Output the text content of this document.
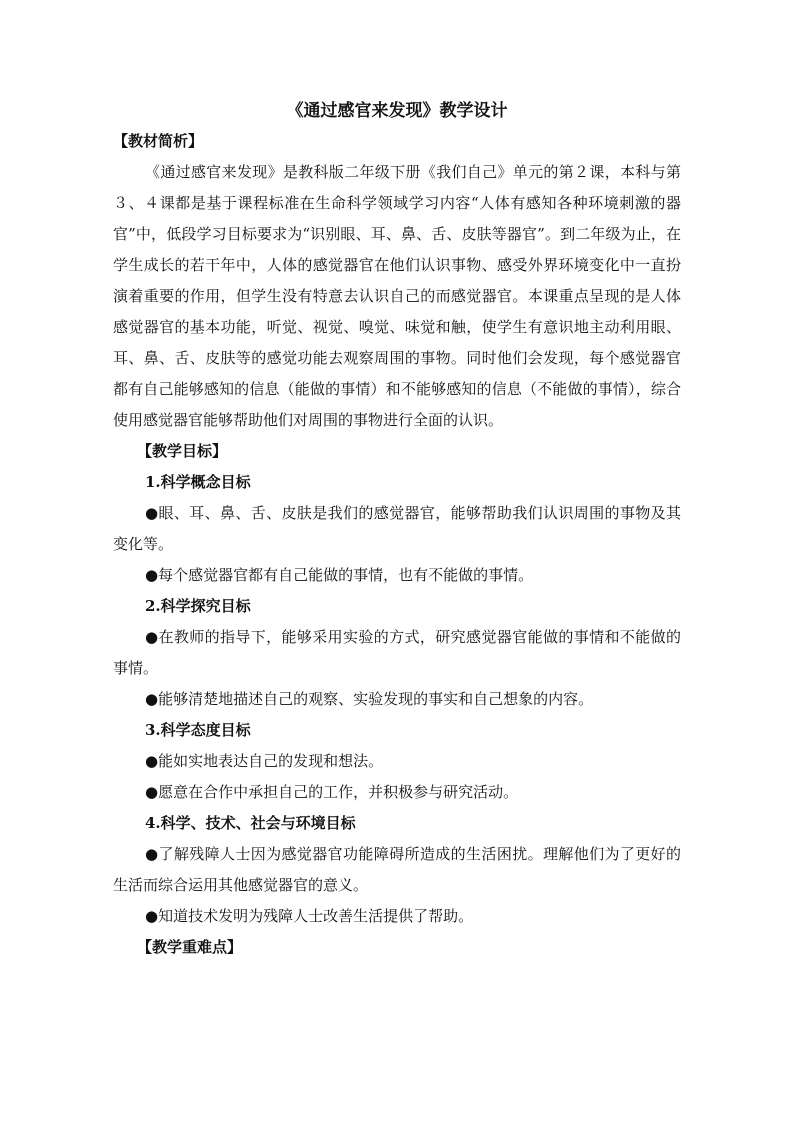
《通过感官来发现》教学设计

【教材简析】

《通过感官来发现》是教科版二年级下册《我们自己》单元的第２课，本科与第３、４课都是基于课程标准在生命科学领域学习内容“人体有感知各种环境刺激的器官”中，低段学习目标要求为“识别眼、耳、鼻、舌、皮肤等器官”。到二年级为止，在学生成长的若干年中，人体的感觉器官在他们认识事物、感受外界环境变化中一直扮演着重要的作用，但学生没有特意去认识自己的而感觉器官。本课重点呈现的是人体感觉器官的基本功能，听觉、视觉、嗅觉、味觉和触，使学生有意识地主动利用眼、耳、鼻、舌、皮肤等的感觉功能去观察周围的事物。同时他们会发现，每个感觉器官都有自己能够感知的信息（能做的事情）和不能够感知的信息（不能做的事情），综合使用感觉器官能够帮助他们对周围的事物进行全面的认识。

【教学目标】

1.科学概念目标

●眼、耳、鼻、舌、皮肤是我们的感觉器官，能够帮助我们认识周围的事物及其变化等。

●每个感觉器官都有自己能做的事情，也有不能做的事情。

2.科学探究目标

●在教师的指导下，能够采用实验的方式，研究感觉器官能做的事情和不能做的事情。

●能够清楚地描述自己的观察、实验发现的事实和自己想象的内容。

3.科学态度目标

●能如实地表达自己的发现和想法。

●愿意在合作中承担自己的工作，并积极参与研究活动。

4.科学、技术、社会与环境目标

●了解残障人士因为感觉器官功能障碍所造成的生活困扰。理解他们为了更好的生活而综合运用其他感觉器官的意义。

●知道技术发明为残障人士改善生活提供了帮助。

【教学重难点】
